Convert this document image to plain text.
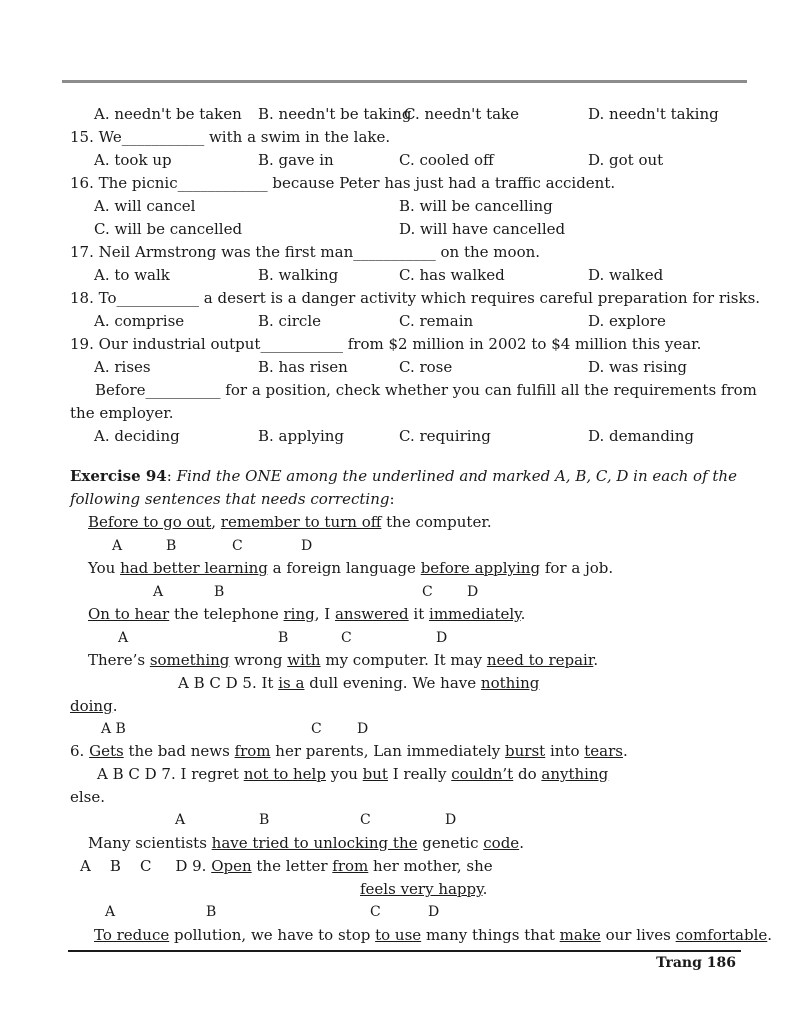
A. needn't be taken B. needn't be taking
C. needn't take	D. needn't taking
15. We___________ with a swim in the lake.
A. took up	B. gave in	C. cooled off	D. got out
16. The picnic____________ because Peter has just had a traffic accident.
A. will cancel	B. will be cancelling
C. will be cancelled	D. will have cancelled
17. Neil Armstrong was the first man___________ on the moon.
A. to walk	B. walking	C. has walked	D. walked
18. To___________ a desert is a danger activity which requires careful preparation for risks.
A. comprise	B. circle	C. remain	D. explore
19. Our industrial output___________ from $2 million in 2002 to $4 million this year.
A. rises	B. has risen	C. rose	D. was rising
Before__________ for a position, check whether you can fulfill all the requirements from
the employer.
A. deciding	B. applying	C. requiring	D. demanding
Exercise 94: Find the ONE among the underlined and marked A, B, C, D in each of the
following sentences that needs correcting:
Before to go out, remember to turn off the computer.
A	B	C	D
You had better learning a foreign language before applying for a job.
A	B	C D
On to hear the telephone ring, I answered it immediately.
A	B	C	D
There’s something wrong with my computer. It may need to repair.
A B C D 5. It is a dull evening. We have nothing
doing.
A B	C	D
6. Gets the bad news from her parents, Lan immediately burst into tears.
A B C D 7. I regret not to help you but I really couldn’t do anything
else.
A	B	C	D
Many scientists have tried to unlocking the genetic code.
A    B    C     D 9. Open the letter from her mother, she
feels very happy.
A	B	C	D
To reduce pollution, we have to stop to use many things that make our lives comfortable.
Trang 186
